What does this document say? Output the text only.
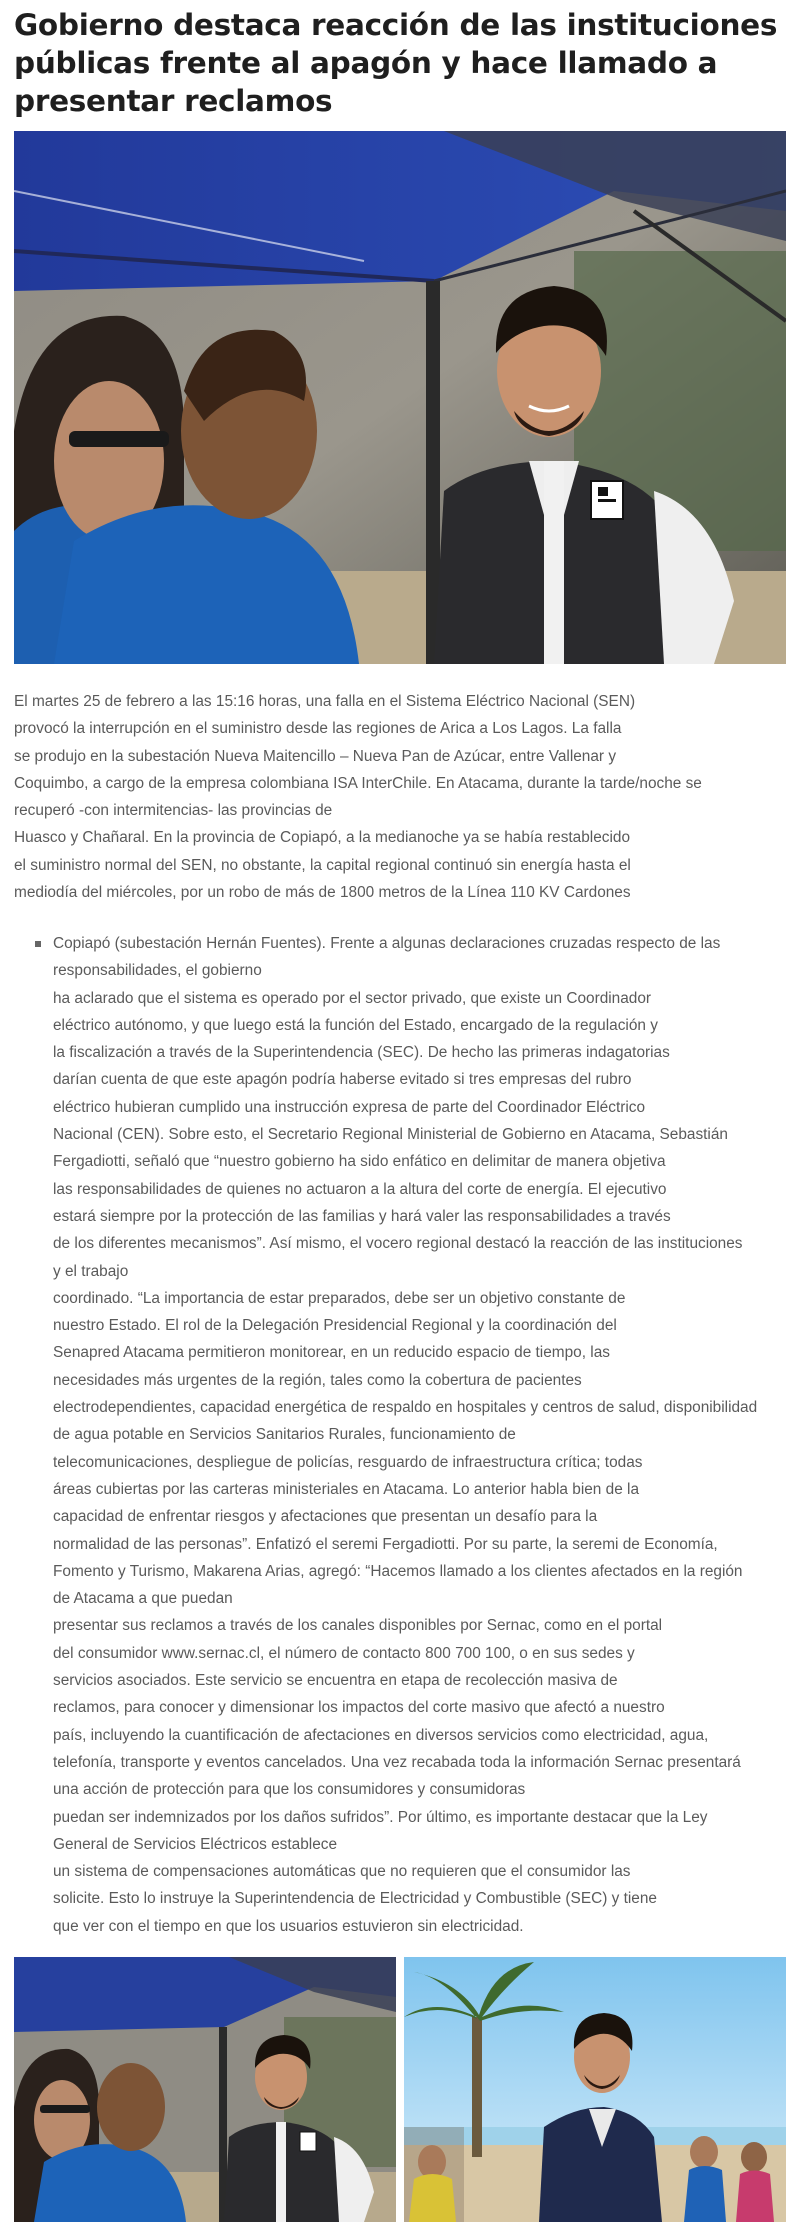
Gobierno destaca reacción de las instituciones públicas frente al apagón y hace llamado a presentar reclamos

El martes 25 de febrero a las 15:16 horas, una falla en el Sistema Eléctrico Nacional (SEN)
provocó la interrupción en el suministro desde las regiones de Arica a Los Lagos. La falla
se produjo en la subestación Nueva Maitencillo – Nueva Pan de Azúcar, entre Vallenar y
Coquimbo, a cargo de la empresa colombiana ISA InterChile. En Atacama, durante la tarde/noche se
recuperó -con intermitencias- las provincias de
Huasco y Chañaral. En la provincia de Copiapó, a la medianoche ya se había restablecido
el suministro normal del SEN, no obstante, la capital regional continuó sin energía hasta el
mediodía del miércoles, por un robo de más de 1800 metros de la Línea 110 KV Cardones

Copiapó (subestación Hernán Fuentes). Frente a algunas declaraciones cruzadas respecto de las
responsabilidades, el gobierno
ha aclarado que el sistema es operado por el sector privado, que existe un Coordinador
eléctrico autónomo, y que luego está la función del Estado, encargado de la regulación y
la fiscalización a través de la Superintendencia (SEC). De hecho las primeras indagatorias
darían cuenta de que este apagón podría haberse evitado si tres empresas del rubro
eléctrico hubieran cumplido una instrucción expresa de parte del Coordinador Eléctrico
Nacional (CEN). Sobre esto, el Secretario Regional Ministerial de Gobierno en Atacama, Sebastián
Fergadiotti, señaló que “nuestro gobierno ha sido enfático en delimitar de manera objetiva
las responsabilidades de quienes no actuaron a la altura del corte de energía. El ejecutivo
estará siempre por la protección de las familias y hará valer las responsabilidades a través
de los diferentes mecanismos”. Así mismo, el vocero regional destacó la reacción de las instituciones
y el trabajo
coordinado. “La importancia de estar preparados, debe ser un objetivo constante de
nuestro Estado. El rol de la Delegación Presidencial Regional y la coordinación del
Senapred Atacama permitieron monitorear, en un reducido espacio de tiempo, las
necesidades más urgentes de la región, tales como la cobertura de pacientes
electrodependientes, capacidad energética de respaldo en hospitales y centros de salud, disponibilidad
de agua potable en Servicios Sanitarios Rurales, funcionamiento de
telecomunicaciones, despliegue de policías, resguardo de infraestructura crítica; todas
áreas cubiertas por las carteras ministeriales en Atacama. Lo anterior habla bien de la
capacidad de enfrentar riesgos y afectaciones que presentan un desafío para la
normalidad de las personas”. Enfatizó el seremi Fergadiotti. Por su parte, la seremi de Economía,
Fomento y Turismo, Makarena Arias, agregó: “Hacemos llamado a los clientes afectados en la región
de Atacama a que puedan
presentar sus reclamos a través de los canales disponibles por Sernac, como en el portal
del consumidor www.sernac.cl, el número de contacto 800 700 100, o en sus sedes y
servicios asociados. Este servicio se encuentra en etapa de recolección masiva de
reclamos, para conocer y dimensionar los impactos del corte masivo que afectó a nuestro
país, incluyendo la cuantificación de afectaciones en diversos servicios como electricidad, agua,
telefonía, transporte y eventos cancelados. Una vez recabada toda la información Sernac presentará
una acción de protección para que los consumidores y consumidoras
puedan ser indemnizados por los daños sufridos”. Por último, es importante destacar que la Ley
General de Servicios Eléctricos establece
un sistema de compensaciones automáticas que no requieren que el consumidor las
solicite. Esto lo instruye la Superintendencia de Electricidad y Combustible (SEC) y tiene
que ver con el tiempo en que los usuarios estuvieron sin electricidad.
